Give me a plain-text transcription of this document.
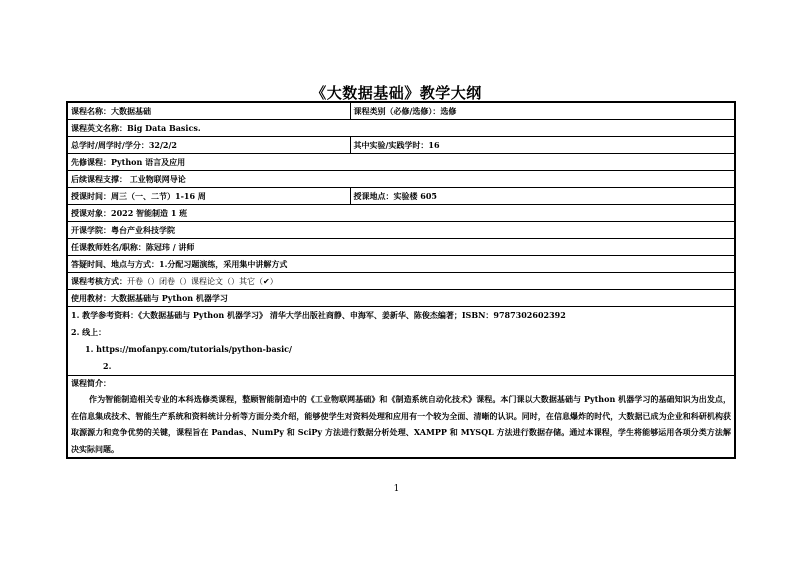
《大数据基础》教学大纲
课程名称：大数据基础	课程类别（必修/选修）：选修
课程英文名称：Big Data Basics.	
总学时/周学时/学分：32/2/2	其中实验/实践学时：16
先修课程：Python 语言及应用	
后续课程支撑： 工业物联网导论	
授课时间：周三（一、二节）1-16 周	授课地点：实验楼 605
授课对象：2022 智能制造 1 班	
开课学院：粤台产业科技学院	
任课教师姓名/职称：陈冠玮 / 讲师	
答疑时间、地点与方式：1.分配习题演练，采用集中讲解方式	
课程考核方式：开卷（）闭卷（）课程论文（）其它（✔）	
使用教材：大数据基础与 Python 机器学习	

1. 教学参考资料：《大数据基础与 Python 机器学习》 清华大学出版社商静、申海军、姜新华、陈俊杰编著；ISBN：9787302602392
2. 线上：
1. https://mofanpy.com/tutorials/python-basic/
2.	

课程简介：
作为智能制造相关专业的本科选修类课程，整顾智能制造中的《工业物联网基础》和《制造系统自动化技术》课程。本门课以大数据基础与 Python 机器学习的基础知识为出发点，在信息集成技术、智能生产系统和资料统计分析等方面分类介绍，能够使学生对资料处理和应用有一个较为全面、清晰的认识。同时，在信息爆炸的时代，大数据已成为企业和科研机构获取源源力和竞争优势的关键，课程旨在 Pandas、NumPy 和 SciPy 方法进行数据分析处理、XAMPP 和 MYSQL 方法进行数据存储。通过本课程，学生将能够运用各项分类方法解决实际问题。	
1
